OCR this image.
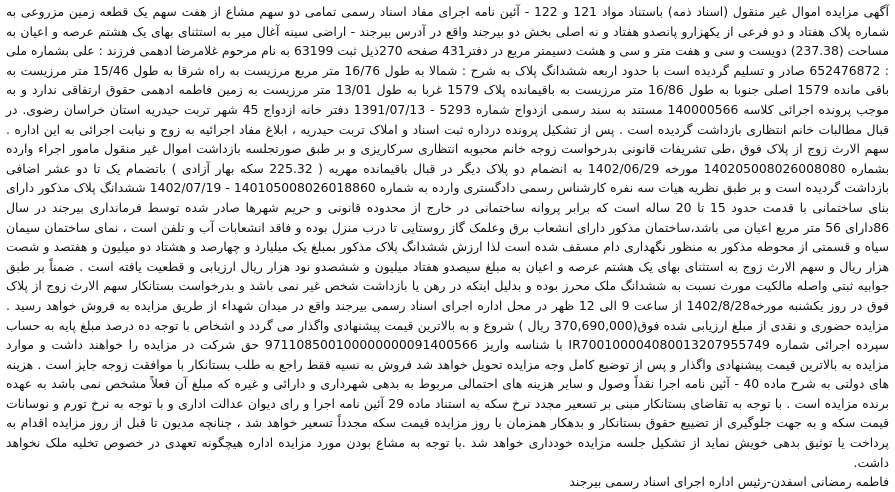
آگهی مزایده اموال غیر منقول (اسناد ذمه) باستناد مواد 121 و 122 - آئین نامه اجرای مفاد اسناد رسمی تمامی دو سهم مشاع از هفت سهم یک قطعه زمین مزروعی به شماره پلاک هفتاد و دو فرعی از یکهزارو پانصدو هفتاد و نه اصلی بخش دو بیرجند واقع در آدرس بیرجند - اراضی سینه آغال میر به استثنای بهای یک هشتم عرصه و اعیان به مساحت (237.38) دویست و سی و هفت متر و سی و هشت دسیمتر مربع در دفتر431 صفحه 270ذیل ثبت 63199 به نام مرحوم غلامرضا ادهمی فرزند : علی بشماره ملی : 652476872 صادر و تسلیم گردیده است با حدود اربعه ششدانگ پلاک به شرح : شمالا به طول 16/76 متر مربع مرزیست به راه شرقا به طول 15/46 متر مرزیست به باقی مانده 1579 اصلی جنوبا به طول 16/86 متر مرزیست به باقیمانده پلاک 1579 غربا به طول 13/01 متر مرزیست به زمین فاطمه ادهمی حقوق ارتفاقی ندارد و به موجب پرونده اجرائی کلاسه 140000566 مستند به سند رسمی ازدواج شماره 5293 - 1391/07/13 دفتر خانه ازدواج 45 شهر تربت حیدریه استان خراسان رضوی. در قبال مطالبات خانم انتظاری بازداشت گردیده است . پس از تشکیل پرونده درداره ثبت اسناد و املاک تربت حیدریه ، ابلاغ مفاد اجرائیه به زوج و نیابت اجرائی به این اداره . سهم الارث زوج از پلاک فوق ،طی تشریفات قانونی بدرخواست زوجه خانم محبوبه انتظاری سرکاریزی و بر طبق صورتجلسه بازداشت اموال غیر منقول مامور اجراء وارده بشماره 140205008026008080 مورخه 1402/06/29 به انضمام دو پلاک دیگر در قبال باقیمانده مهریه ( 225.32 سکه بهار آزادی ) باتضمام یک تا دو عشر اضافی بازداشت گردیده است و بر طبق نظریه هیات سه نفره کارشناس رسمی دادگستری وارده به شماره 140105008026018860 - 1402/07/19 ششدانگ پلاک مذکور دارای بنای ساختمانی با قدمت حدود 15 تا 20 ساله است که برابر پروانه ساختمانی در خارج از محدوده قانونی و حریم شهرها صادر شده توسط فرمانداری بیرجند در سال 86دارای 56 متر مربع اعیان می باشد،ساختمان مذکور دارای انشعاب برق وعلمک گاز روستایی تا درب منزل بوده و فاقد انشعابات آب و تلفن است ، نمای ساختمان سیمان سیاه و قسمتی از محوطه مذکور به منظور نگهداری دام مسقف شده است لذا ارزش ششدانگ پلاک مذکور بمبلغ یک میلیارد و چهارصد و هشتاد دو میلیون و هفتصد و شصت هزار ریال و سهم الارث زوج به استثنای بهای یک هشتم عرصه و اعیان به مبلغ سیصدو هفتاد میلیون و ششصدو نود هزار ریال ارزیابی و قطعیت یافته است . ضمناً بر طبق جوابیه ثبتی واصله مالکیت مورث نسبت به ششدانگ ملک محرز بوده و بدلیل اینکه در رهن یا بازداشت شخص غیر نمی باشد و بدرخواست بستانکار سهم الارث زوج از پلاک فوق در روز یکشنبه مورخه1402/8/28 از ساعت 9 الی 12 ظهر در محل اداره اجرای اسناد رسمی بیرجند واقع در میدان شهداء از طریق مزایده به فروش خواهد رسید . مزایده حضوری و نقدی از مبلغ ارزیابی شده فوق(370,690,000 ریال ) شروع و به بالاترین قیمت پیشنهادی واگذار می گردد و اشخاص با توجه ده درصد مبلغ پایه به حساب سپرده اجرائی شماره IR700100004080013207955749 با شناسه واریز 971108500100000000091400566 حق شرکت در مزایده را خواهند داشت و موارد مزایده به بالاترین قیمت پیشنهادی واگذار و پس از توضیع کامل وجه مزایده تحویل خواهد شد فروش به نسیه فقط راجع به طلب بستانکار با موافقت زوجه جایز است . هزینه های دولتی به شرح ماده 40 - آئین نامه اجرا نقداً وصول و سایر هزینه های احتمالی مربوط به بدهی شهرداری و دارائی و غیره که مبلغ آن فعلاً مشخص نمی باشد به عهده برنده مزایده است . با توجه به تقاضای بستانکار مبنی بر تسعیر مجدد نرخ سکه به استناد ماده 29 آئین نامه اجرا و رای دیوان عدالت اداری و با توجه به نرخ تورم و نوسانات قیمت سکه و به جهت جلوگیری از تضییع حقوق بستانکار و بدهکار همزمان با روز مزایده قیمت سکه مجدداً تسعیر خواهد شد ، چنانچه مدیون تا قبل از روز مزایده اقدام به پرداخت یا توثیق بدهی خویش نماید از تشکیل جلسه مزایده خودداری خواهد شد .با توجه به مشاع بودن مورد مزایده اداره هیچگونه تعهدی در خصوص تخلیه ملک نخواهد داشت.

فاطمه رمضانی اسفدن-رئیس اداره اجرای اسناد رسمی بیرجند
